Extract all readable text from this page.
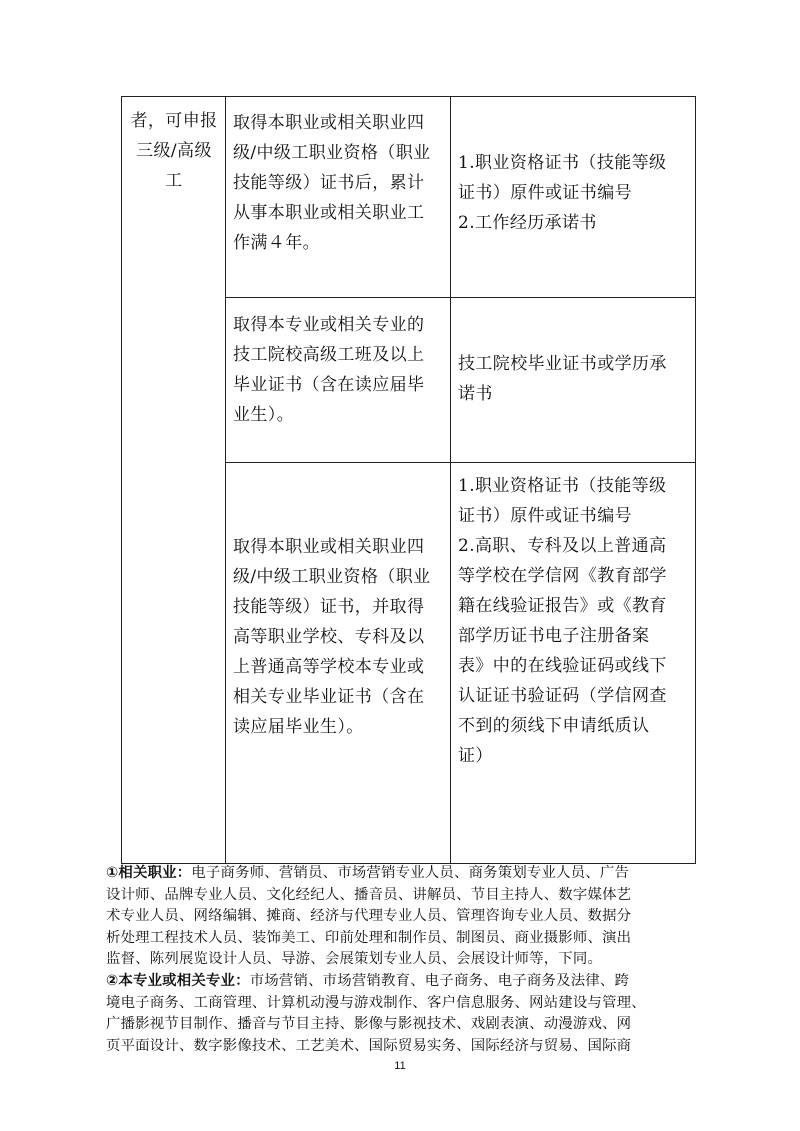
者，可申报

三级/高级

工

取得本职业或相关职业四

级/中级工职业资格（职业

技能等级）证书后，累计

从事本职业或相关职业工

作满４年。

1.职业资格证书（技能等级

证书）原件或证书编号

2.工作经历承诺书

取得本专业或相关专业的

技工院校高级工班及以上

毕业证书（含在读应届毕

业生）。

技工院校毕业证书或学历承

诺书

取得本职业或相关职业四

级/中级工职业资格（职业

技能等级）证书，并取得

高等职业学校、专科及以

上普通高等学校本专业或

相关专业毕业证书（含在

读应届毕业生）。

1.职业资格证书（技能等级

证书）原件或证书编号

2.高职、专科及以上普通高

等学校在学信网《教育部学

籍在线验证报告》或《教育

部学历证书电子注册备案

表》中的在线验证码或线下

认证证书验证码（学信网查

不到的须线下申请纸质认

证）

①相关职业：电子商务师、营销员、市场营销专业人员、商务策划专业人员、广告

设计师、品牌专业人员、文化经纪人、播音员、讲解员、节目主持人、数字媒体艺

术专业人员、网络编辑、摊商、经济与代理专业人员、管理咨询专业人员、数据分

析处理工程技术人员、装饰美工、印前处理和制作员、制图员、商业摄影师、演出

监督、陈列展览设计人员、导游、会展策划专业人员、会展设计师等，下同。

②本专业或相关专业：市场营销、市场营销教育、电子商务、电子商务及法律、跨

境电子商务、工商管理、计算机动漫与游戏制作、客户信息服务、网站建设与管理、

广播影视节目制作、播音与节目主持、影像与影视技术、戏剧表演、动漫游戏、网

页平面设计、数字影像技术、工艺美术、国际贸易实务、国际经济与贸易、国际商

11
